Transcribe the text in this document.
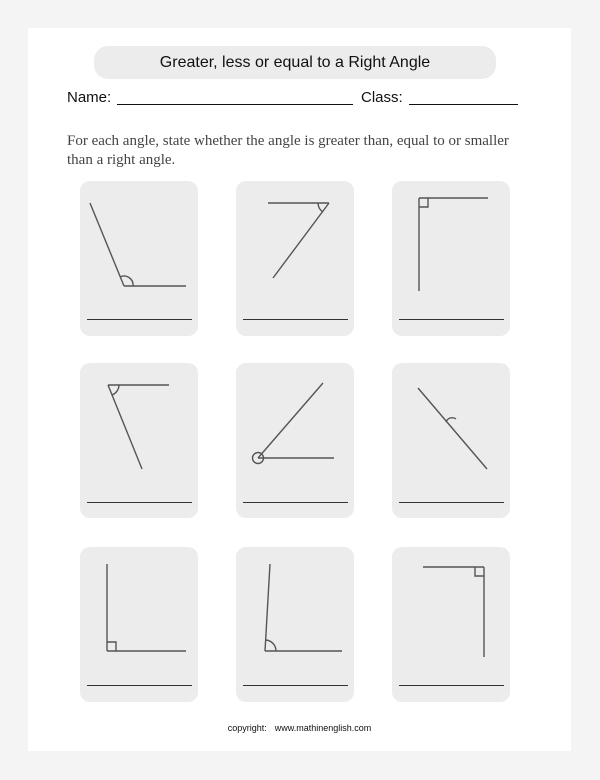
Greater, less or equal to a Right Angle
Name:	Class:

For each angle, state whether the angle is greater than, equal to or smaller than a right angle.

copyright: www.mathinenglish.com
